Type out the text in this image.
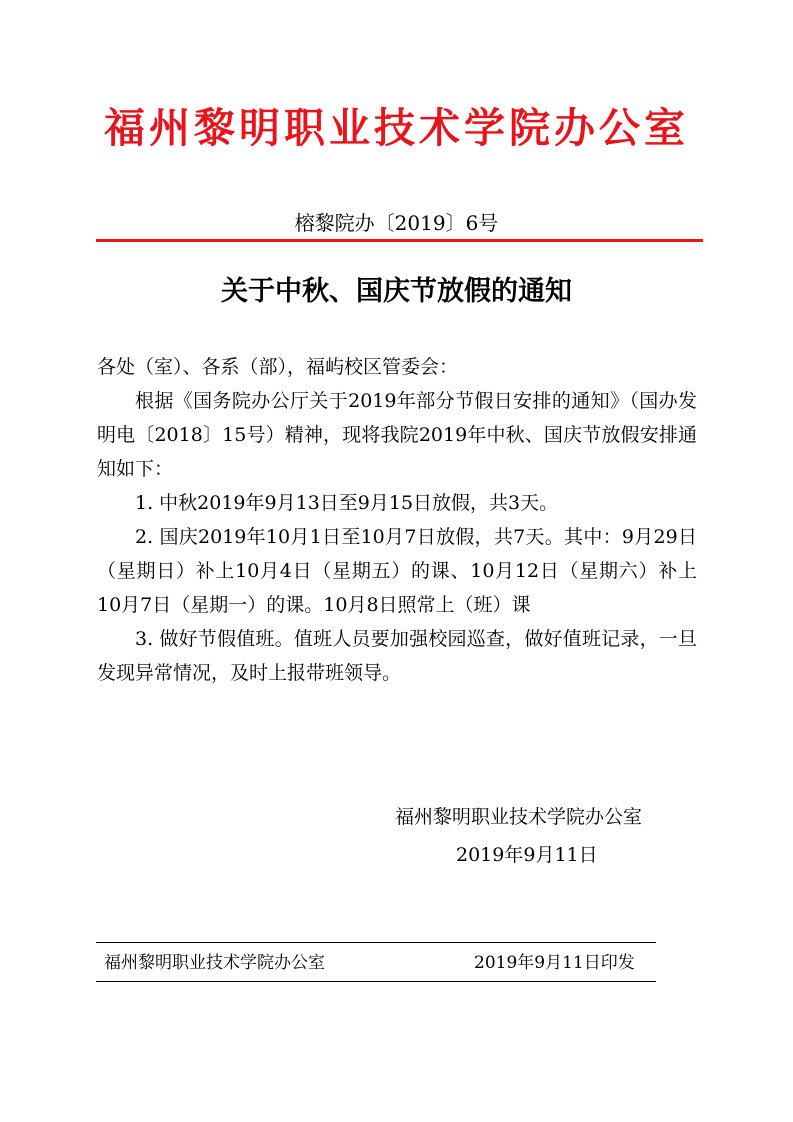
福州黎明职业技术学院办公室
榕黎院办〔2019〕6号
关于中秋、国庆节放假的通知

各处（室）、各系（部），福屿校区管委会：

根据《国务院办公厅关于2019年部分节假日安排的通知》（国办发明电〔2018〕15号）精神，现将我院2019年中秋、国庆节放假安排通知如下：

1. 中秋2019年9月13日至9月15日放假，共3天。

2. 国庆2019年10月1日至10月7日放假，共7天。其中：9月29日（星期日）补上10月4日（星期五）的课、10月12日（星期六）补上10月7日（星期一）的课。10月8日照常上（班）课

3. 做好节假值班。值班人员要加强校园巡查，做好值班记录，一旦发现异常情况，及时上报带班领导。

福州黎明职业技术学院办公室
2019年9月11日
福州黎明职业技术学院办公室	2019年9月11日印发
